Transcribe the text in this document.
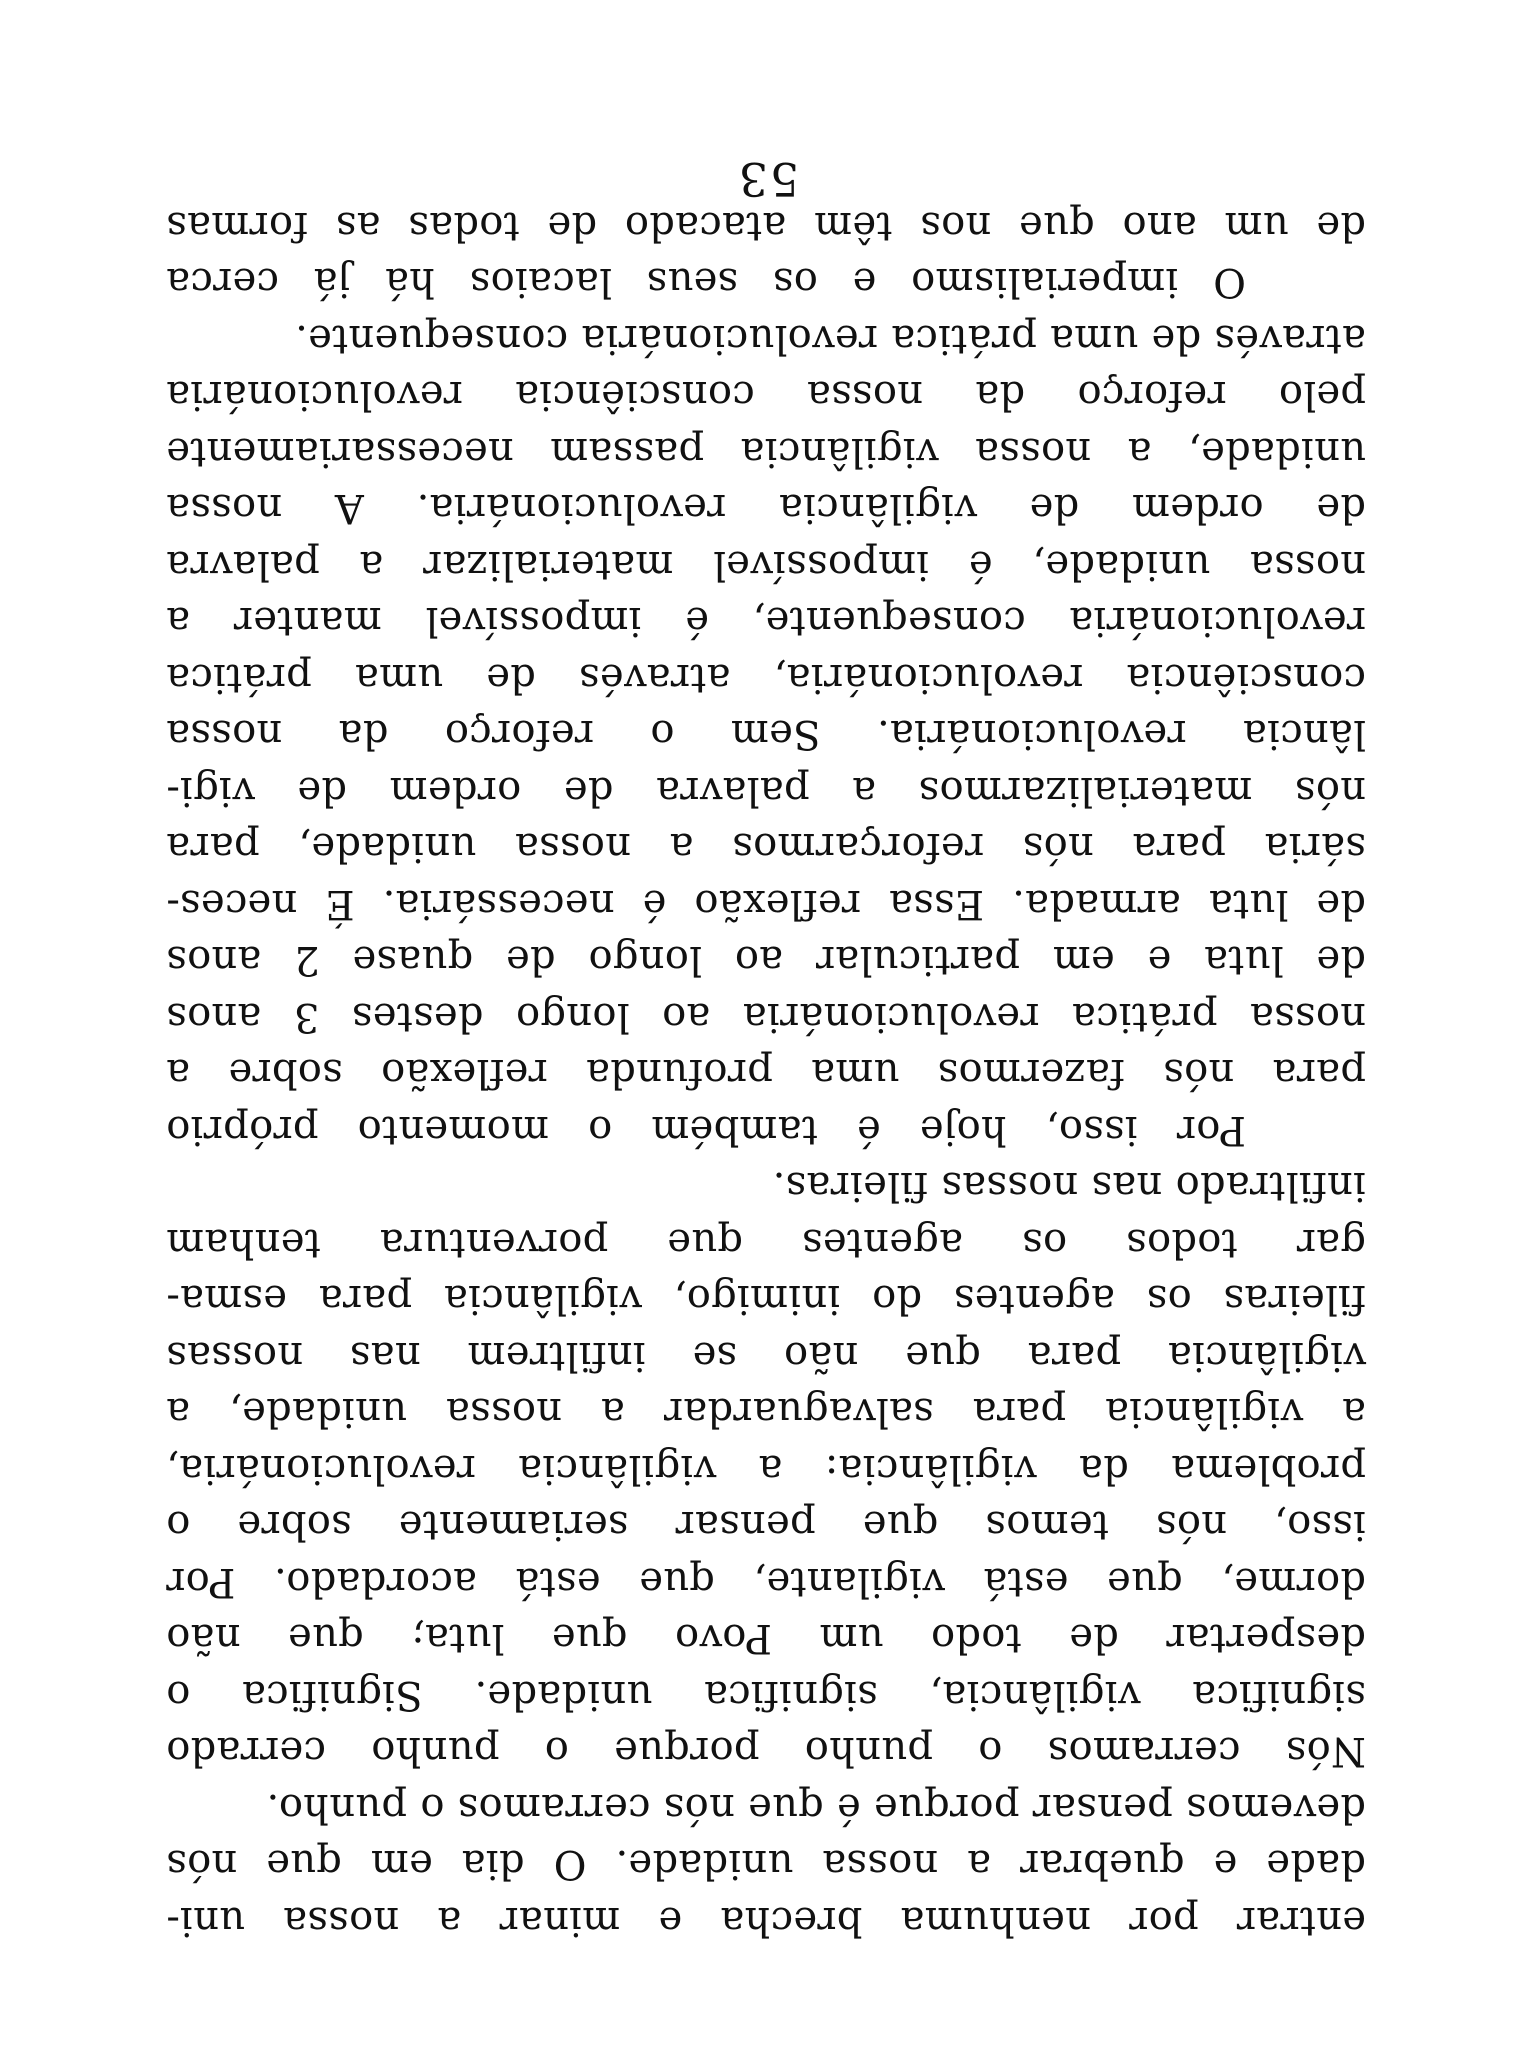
entrar por nenhuma brecha e minar a nossa uni-
dade e quebrar a nossa unidade. O dia em que nós
devemos pensar porque é que nós cerramos o punho.
Nós cerramos o punho porque o punho cerrado
significa vigilância, significa unidade. Significa o
despertar de todo um Povo que luta; que não
dorme, que está vigilante, que está acordado. Por
isso, nós temos que pensar seriamente sobre o
problema da vigilância: a vigilância revolucionária,
a vigilância para salvaguardar a nossa unidade, a
vigilância para que não se infiltrem nas nossas
fileiras os agentes do inimigo, vigilância para esma-
gar todos os agentes que porventura tenham
infiltrado nas nossas fileiras.
Por isso, hoje é também o momento próprio
para nós fazermos uma profunda reflexão sobre a
nossa prática revolucionária ao longo destes 3 anos
de luta e em particular ao longo de quase 2 anos
de luta armada. Essa reflexão é necessária. É neces-
sária para nós reforçarmos a nossa unidade, para
nós materializarmos a palavra de ordem de vigi-
lância revolucionária. Sem o reforço da nossa
consciência revolucionária, através de uma prática
revolucionária consequente, é impossível manter a
nossa unidade, é impossível materializar a palavra
de ordem de vigilância revolucionária. A nossa
unidade, a nossa vigilância passam necessariamente
pelo reforço da nossa consciência revolucionária
através de uma prática revolucionária consequente.
O imperialismo e os seus lacaios há já cerca
de um ano que nos têm atacado de todas as formas
53
